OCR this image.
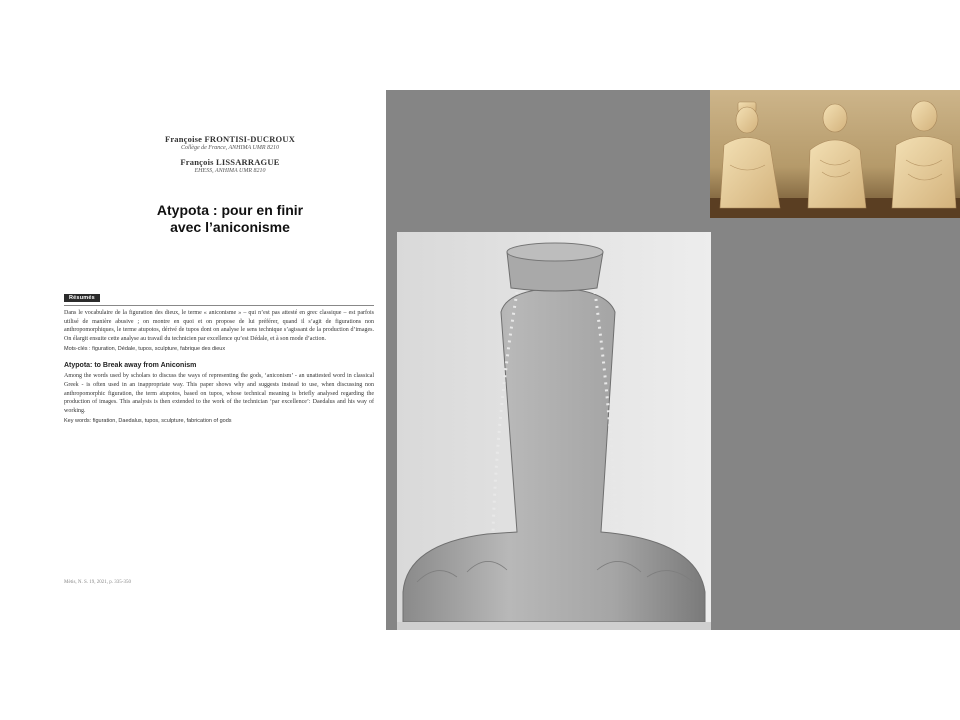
Françoise FRONTISI-DUCROUX
Collège de France, ANHIMA UMR 8210
François LISSARRAGUE
EHESS, ANHIMA UMR 8210
Atypota : pour en finir
avec l’aniconisme
Résumés

Dans le vocabulaire de la figuration des dieux, le terme « aniconisme » – qui n’est pas attesté en grec classique – est parfois utilisé de manière abusive ; on montre en quoi et on propose de lui préférer, quand il s’agit de figurations non anthropomorphiques, le terme atupotos, dérivé de tupos dont on analyse le sens technique s’agissant de la production d’images. On élargit ensuite cette analyse au travail du technicien par excellence qu’est Dédale, et à son mode d’action.

Mots-clés : figuration, Dédale, tupos, sculpture, fabrique des dieux
Atypota: to Break away from Aniconism

Among the words used by scholars to discuss the ways of representing the gods, ‘aniconism’ - an unattested word in classical Greek - is often used in an inappropriate way. This paper shows why and suggests instead to use, when discussing non anthropomorphic figuration, the term atupotos, based on tupos, whose technical meaning is briefly analysed regarding the production of images. This analysis is then extended to the work of the technician ‘par excellence’: Daedalus and his way of working.

Key words: figuration, Daedalus, tupos, sculpture, fabrication of gods
Mètis, N. S. 19, 2021, p. 335-350
